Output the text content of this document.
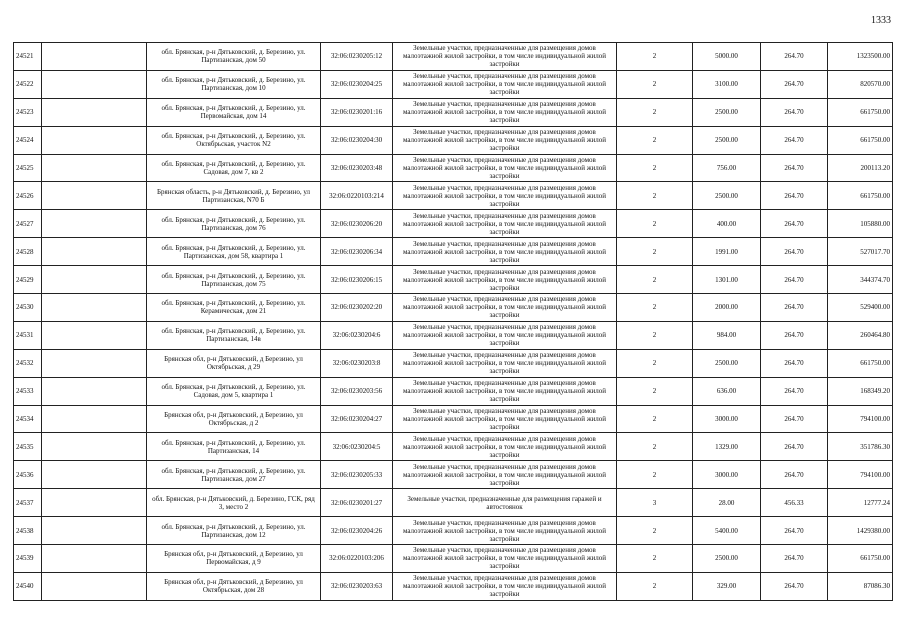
1333
24521		обл. Брянская, р-н Дятьковский, д. Березино, ул. Партизанская, дом 50	32:06:0230205:12	Земельные участки, предназначенные для размещения домов малоэтажной жилой застройки, в том числе индивидуальной жилой застройки	2	5000.00	264.70	1323500.00
24522		обл. Брянская, р-н Дятьковский, д. Березино, ул. Партизанская, дом 10	32:06:0230204:25	Земельные участки, предназначенные для размещения домов малоэтажной жилой застройки, в том числе индивидуальной жилой застройки	2	3100.00	264.70	820570.00
24523		обл. Брянская, р-н Дятьковский, д. Березино, ул. Первомайская, дом 14	32:06:0230201:16	Земельные участки, предназначенные для размещения домов малоэтажной жилой застройки, в том числе индивидуальной жилой застройки	2	2500.00	264.70	661750.00
24524		обл. Брянская, р-н Дятьковский, д. Березино, ул. Октябрьская, участок N2	32:06:0230204:30	Земельные участки, предназначенные для размещения домов малоэтажной жилой застройки, в том числе индивидуальной жилой застройки	2	2500.00	264.70	661750.00
24525		обл. Брянская, р-н Дятьковский, д. Березино, ул. Садовая, дом 7, кв 2	32:06:0230203:48	Земельные участки, предназначенные для размещения домов малоэтажной жилой застройки, в том числе индивидуальной жилой застройки	2	756.00	264.70	200113.20
24526		Брянская область, р-н Дятьковский, д. Березино, ул Партизанская, N70 Б	32:06:0220103:214	Земельные участки, предназначенные для размещения домов малоэтажной жилой застройки, в том числе индивидуальной жилой застройки	2	2500.00	264.70	661750.00
24527		обл. Брянская, р-н Дятьковский, д. Березино, ул. Партизанская, дом 76	32:06:0230206:20	Земельные участки, предназначенные для размещения домов малоэтажной жилой застройки, в том числе индивидуальной жилой застройки	2	400.00	264.70	105880.00
24528		обл. Брянская, р-н Дятьковский, д. Березино, ул. Партизанская, дом 58, квартира 1	32:06:0230206:34	Земельные участки, предназначенные для размещения домов малоэтажной жилой застройки, в том числе индивидуальной жилой застройки	2	1991.00	264.70	527017.70
24529		обл. Брянская, р-н Дятьковский, д. Березино, ул. Партизанская, дом 75	32:06:0230206:15	Земельные участки, предназначенные для размещения домов малоэтажной жилой застройки, в том числе индивидуальной жилой застройки	2	1301.00	264.70	344374.70
24530		обл. Брянская, р-н Дятьковский, д. Березино, ул. Керамическая, дом 21	32:06:0230202:20	Земельные участки, предназначенные для размещения домов малоэтажной жилой застройки, в том числе индивидуальной жилой застройки	2	2000.00	264.70	529400.00
24531		обл. Брянская, р-н Дятьковский, д. Березино, ул. Партизанская, 14в	32:06:0230204:6	Земельные участки, предназначенные для размещения домов малоэтажной жилой застройки, в том числе индивидуальной жилой застройки	2	984.00	264.70	260464.80
24532		Брянская обл, р-н Дятьковский, д Березино, ул Октябрьская, д 29	32:06:0230203:8	Земельные участки, предназначенные для размещения домов малоэтажной жилой застройки, в том числе индивидуальной жилой застройки	2	2500.00	264.70	661750.00
24533		обл. Брянская, р-н Дятьковский, д. Березино, ул. Садовая, дом 5, квартира 1	32:06:0230203:56	Земельные участки, предназначенные для размещения домов малоэтажной жилой застройки, в том числе индивидуальной жилой застройки	2	636.00	264.70	168349.20
24534		Брянская обл, р-н Дятьковский, д Березино, ул Октябрьская, д 2	32:06:0230204:27	Земельные участки, предназначенные для размещения домов малоэтажной жилой застройки, в том числе индивидуальной жилой застройки	2	3000.00	264.70	794100.00
24535		обл. Брянская, р-н Дятьковский, д. Березино, ул. Партизанская, 14	32:06:0230204:5	Земельные участки, предназначенные для размещения домов малоэтажной жилой застройки, в том числе индивидуальной жилой застройки	2	1329.00	264.70	351786.30
24536		обл. Брянская, р-н Дятьковский, д. Березино, ул. Партизанская, дом 27	32:06:0230205:33	Земельные участки, предназначенные для размещения домов малоэтажной жилой застройки, в том числе индивидуальной жилой застройки	2	3000.00	264.70	794100.00
24537		обл. Брянская, р-н Дятьковский, д. Березино, ГСК, ряд 3, место 2	32:06:0230201:27	Земельные участки, предназначенные для размещения гаражей и автостоянок	3	28.00	456.33	12777.24
24538		обл. Брянская, р-н Дятьковский, д. Березино, ул. Партизанская, дом 12	32:06:0230204:26	Земельные участки, предназначенные для размещения домов малоэтажной жилой застройки, в том числе индивидуальной жилой застройки	2	5400.00	264.70	1429380.00
24539		Брянская обл, р-н Дятьковский, д Березино, ул Первомайская, д 9	32:06:0220103:206	Земельные участки, предназначенные для размещения домов малоэтажной жилой застройки, в том числе индивидуальной жилой застройки	2	2500.00	264.70	661750.00
24540		Брянская обл, р-н Дятьковский, д Березино, ул Октябрьская, дом 28	32:06:0230203:63	Земельные участки, предназначенные для размещения домов малоэтажной жилой застройки, в том числе индивидуальной жилой застройки	2	329.00	264.70	87086.30
